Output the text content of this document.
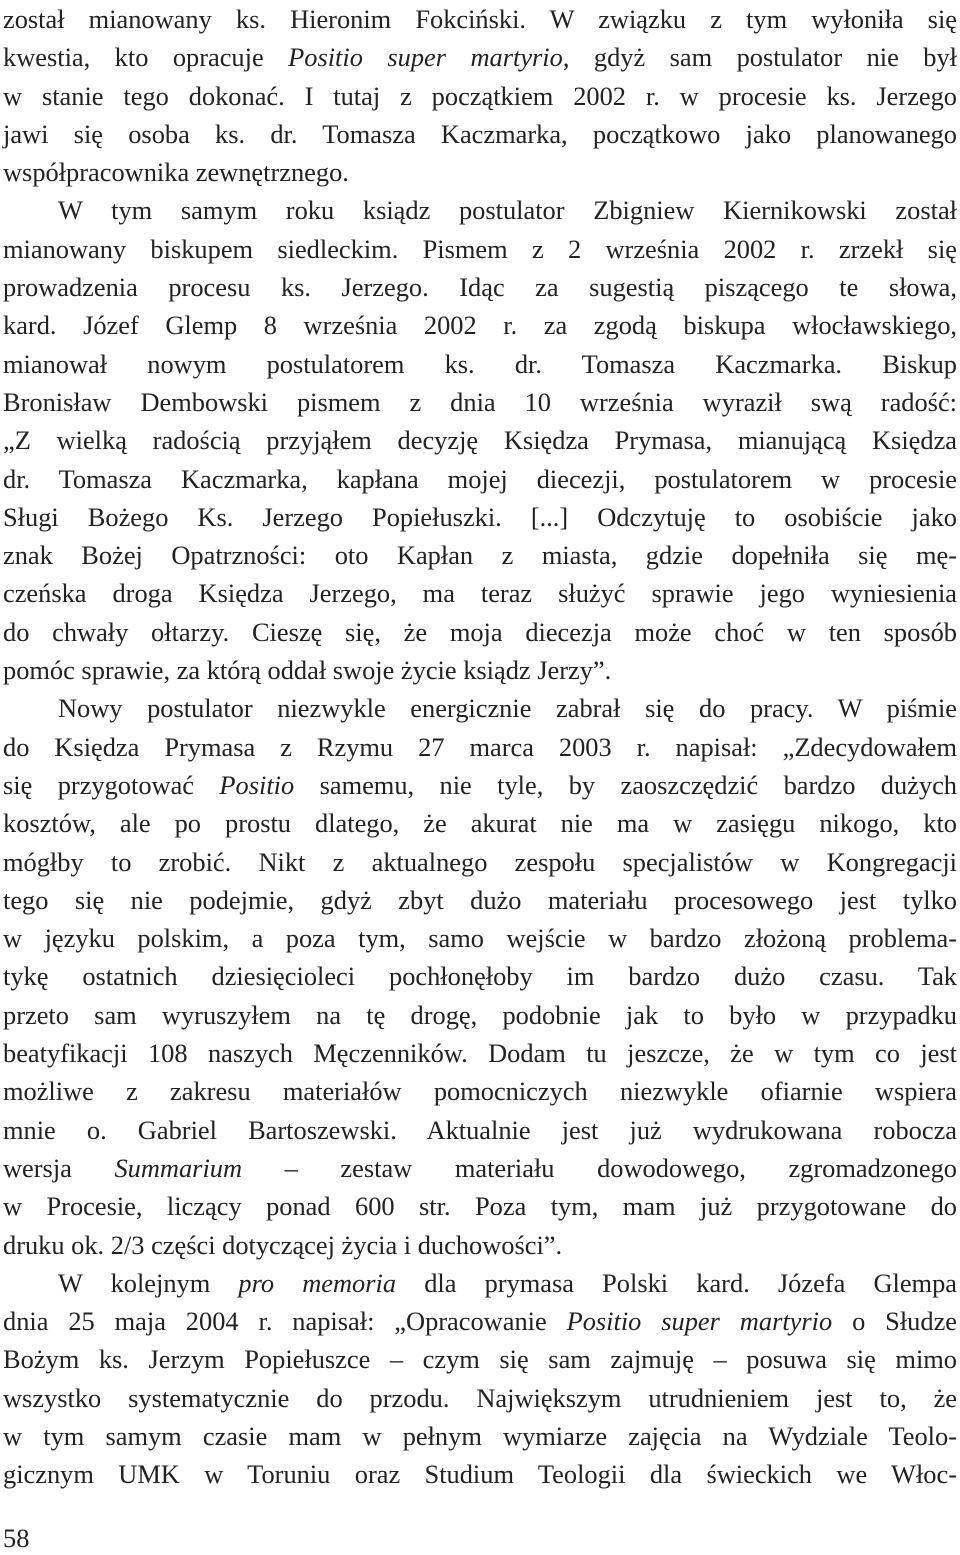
został mianowany ks. Hieronim Fokciński. W związku z tym wyłoniła się
kwestia, kto opracuje Positio super martyrio, gdyż sam postulator nie był
w stanie tego dokonać. I tutaj z początkiem 2002 r. w procesie ks. Jerzego
jawi się osoba ks. dr. Tomasza Kaczmarka, początkowo jako planowanego
współpracownika zewnętrznego.
W tym samym roku ksiądz postulator Zbigniew Kiernikowski został
mianowany biskupem siedleckim. Pismem z 2 września 2002 r. zrzekł się
prowadzenia procesu ks. Jerzego. Idąc za sugestią piszącego te słowa,
kard. Józef Glemp 8 września 2002 r. za zgodą biskupa włocławskiego,
mianował nowym postulatorem ks. dr. Tomasza Kaczmarka. Biskup
Bronisław Dembowski pismem z dnia 10 września wyraził swą radość:
„Z wielką radością przyjąłem decyzję Księdza Prymasa, mianującą Księdza
dr. Tomasza Kaczmarka, kapłana mojej diecezji, postulatorem w procesie
Sługi Bożego Ks. Jerzego Popiełuszki. [...] Odczytuję to osobiście jako
znak Bożej Opatrzności: oto Kapłan z miasta, gdzie dopełniła się mę-
czeńska droga Księdza Jerzego, ma teraz służyć sprawie jego wyniesienia
do chwały ołtarzy. Cieszę się, że moja diecezja może choć w ten sposób
pomóc sprawie, za którą oddał swoje życie ksiądz Jerzy”.
Nowy postulator niezwykle energicznie zabrał się do pracy. W piśmie
do Księdza Prymasa z Rzymu 27 marca 2003 r. napisał: „Zdecydowałem
się przygotować Positio samemu, nie tyle, by zaoszczędzić bardzo dużych
kosztów, ale po prostu dlatego, że akurat nie ma w zasięgu nikogo, kto
mógłby to zrobić. Nikt z aktualnego zespołu specjalistów w Kongregacji
tego się nie podejmie, gdyż zbyt dużo materiału procesowego jest tylko
w języku polskim, a poza tym, samo wejście w bardzo złożoną problema-
tykę ostatnich dziesięcioleci pochłonęłoby im bardzo dużo czasu. Tak
przeto sam wyruszyłem na tę drogę, podobnie jak to było w przypadku
beatyfikacji 108 naszych Męczenników. Dodam tu jeszcze, że w tym co jest
możliwe z zakresu materiałów pomocniczych niezwykle ofiarnie wspiera
mnie o. Gabriel Bartoszewski. Aktualnie jest już wydrukowana robocza
wersja Summarium – zestaw materiału dowodowego, zgromadzonego
w Procesie, liczący ponad 600 str. Poza tym, mam już przygotowane do
druku ok. 2/3 części dotyczącej życia i duchowości”.
W kolejnym pro memoria dla prymasa Polski kard. Józefa Glempa
dnia 25 maja 2004 r. napisał: „Opracowanie Positio super martyrio o Słudze
Bożym ks. Jerzym Popiełuszce – czym się sam zajmuję – posuwa się mimo
wszystko systematycznie do przodu. Największym utrudnieniem jest to, że
w tym samym czasie mam w pełnym wymiarze zajęcia na Wydziale Teolo-
gicznym UMK w Toruniu oraz Studium Teologii dla świeckich we Włoc-
58
